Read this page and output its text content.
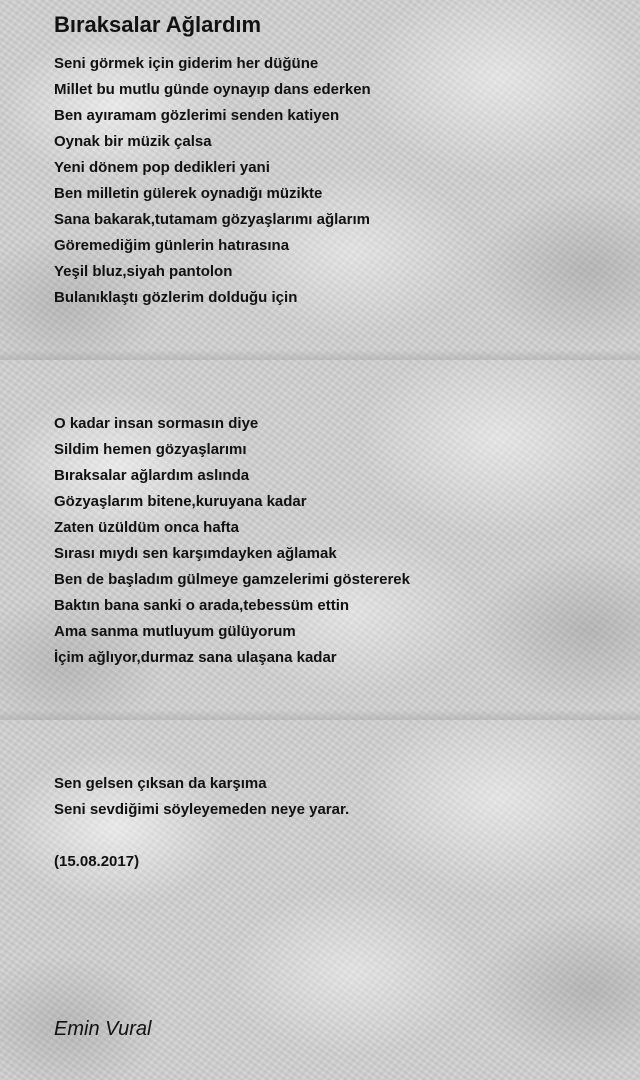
Bıraksalar Ağlardım
Seni görmek için giderim her düğüne
Millet bu mutlu günde oynayıp dans ederken
Ben ayıramam gözlerimi senden katiyen
Oynak bir müzik çalsa
Yeni dönem pop dedikleri yani
Ben milletin gülerek oynadığı müzikte
Sana bakarak,tutamam gözyaşlarımı ağlarım
Göremediğim günlerin hatırasına
Yeşil bluz,siyah pantolon
Bulanıklaştı gözlerim dolduğu için
O kadar insan sormasın diye
Sildim hemen gözyaşlarımı
Bıraksalar ağlardım aslında
Gözyaşlarım bitene,kuruyana kadar
Zaten üzüldüm onca hafta
Sırası mıydı sen karşımdayken ağlamak
Ben de başladım gülmeye gamzelerimi göstererek
Baktın bana sanki o arada,tebessüm ettin
Ama sanma mutluyum gülüyorum
İçim ağlıyor,durmaz sana ulaşana kadar
Sen gelsen çıksan da karşıma
Seni sevdiğimi söyleyemeden neye yarar.
(15.08.2017)
Emin Vural
